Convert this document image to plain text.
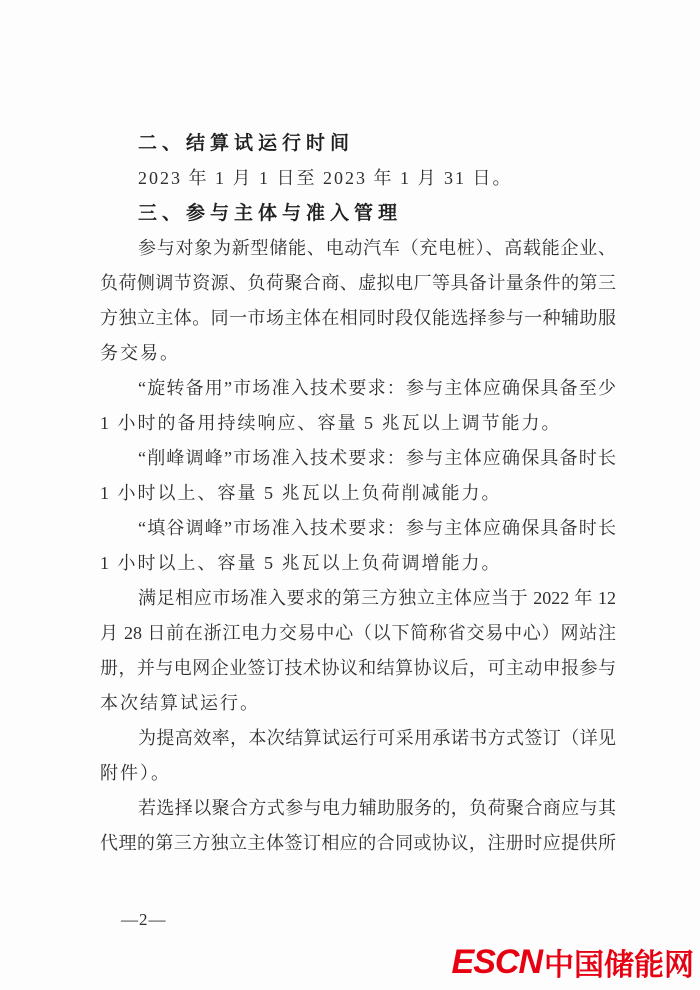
二、结算试运行时间
2023 年 1 月 1 日至 2023 年 1 月 31 日。
三、参与主体与准入管理
参与对象为新型储能、电动汽车（充电桩）、高载能企业、
负荷侧调节资源、负荷聚合商、虚拟电厂等具备计量条件的第三
方独立主体。同一市场主体在相同时段仅能选择参与一种辅助服
务交易。
“旋转备用”市场准入技术要求：参与主体应确保具备至少
1 小时的备用持续响应、容量 5 兆瓦以上调节能力。
“削峰调峰”市场准入技术要求：参与主体应确保具备时长
1 小时以上、容量 5 兆瓦以上负荷削减能力。
“填谷调峰”市场准入技术要求：参与主体应确保具备时长
1 小时以上、容量 5 兆瓦以上负荷调增能力。
满足相应市场准入要求的第三方独立主体应当于 2022 年 12
月 28 日前在浙江电力交易中心（以下简称省交易中心）网站注
册，并与电网企业签订技术协议和结算协议后，可主动申报参与
本次结算试运行。
为提高效率，本次结算试运行可采用承诺书方式签订（详见
附件）。
若选择以聚合方式参与电力辅助服务的，负荷聚合商应与其
代理的第三方独立主体签订相应的合同或协议，注册时应提供所
—2—
ESCN 中国储能网
